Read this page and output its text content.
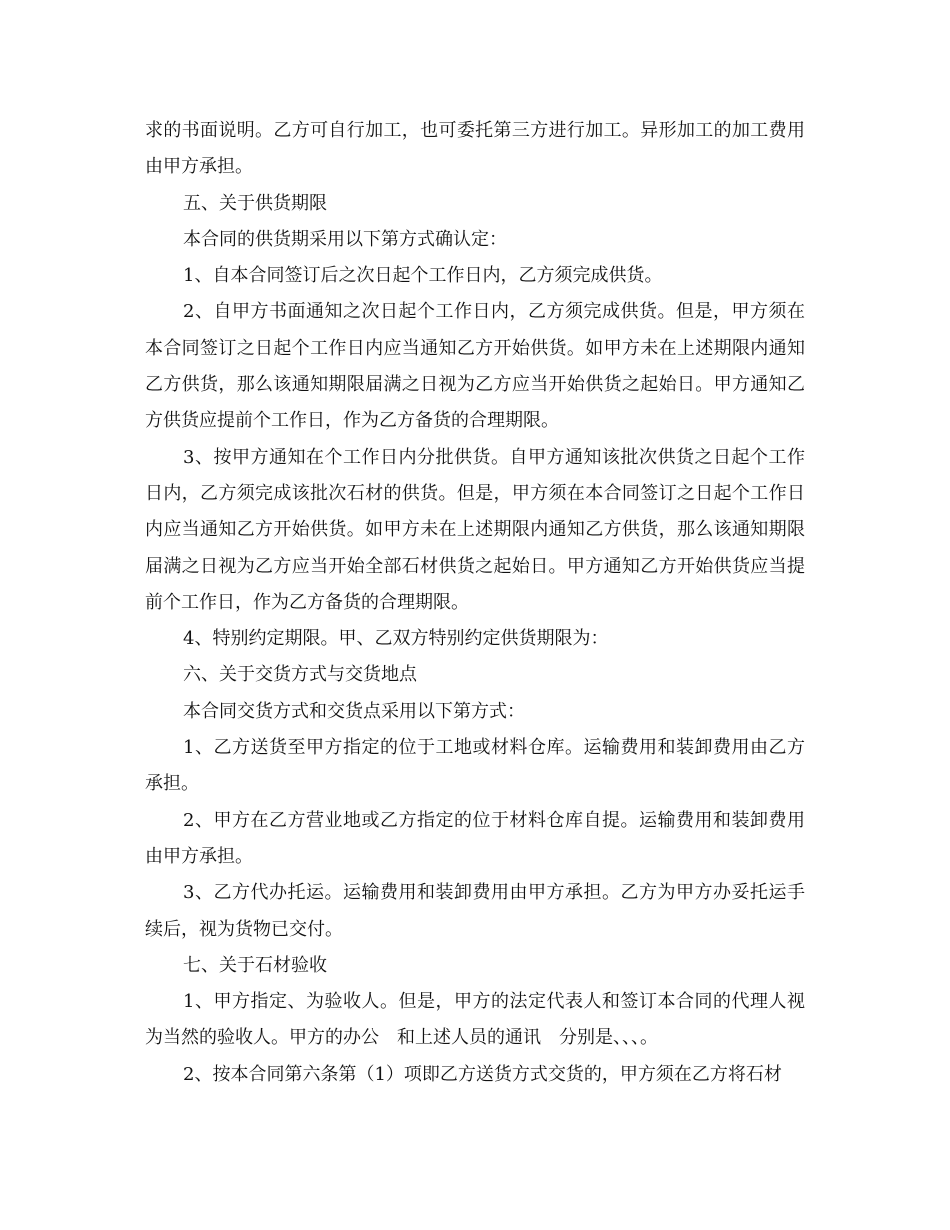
求的书面说明。乙方可自行加工，也可委托第三方进行加工。异形加工的加工费用由甲方承担。

五、关于供货期限

本合同的供货期采用以下第方式确认定：

1、自本合同签订后之次日起个工作日内，乙方须完成供货。

2、自甲方书面通知之次日起个工作日内，乙方须完成供货。但是，甲方须在本合同签订之日起个工作日内应当通知乙方开始供货。如甲方未在上述期限内通知乙方供货，那么该通知期限届满之日视为乙方应当开始供货之起始日。甲方通知乙方供货应提前个工作日，作为乙方备货的合理期限。

3、按甲方通知在个工作日内分批供货。自甲方通知该批次供货之日起个工作日内，乙方须完成该批次石材的供货。但是，甲方须在本合同签订之日起个工作日内应当通知乙方开始供货。如甲方未在上述期限内通知乙方供货，那么该通知期限届满之日视为乙方应当开始全部石材供货之起始日。甲方通知乙方开始供货应当提前个工作日，作为乙方备货的合理期限。

4、特别约定期限。甲、乙双方特别约定供货期限为：

六、关于交货方式与交货地点

本合同交货方式和交货点采用以下第方式：

1、乙方送货至甲方指定的位于工地或材料仓库。运输费用和装卸费用由乙方承担。

2、甲方在乙方营业地或乙方指定的位于材料仓库自提。运输费用和装卸费用由甲方承担。

3、乙方代办托运。运输费用和装卸费用由甲方承担。乙方为甲方办妥托运手续后，视为货物已交付。

七、关于石材验收

1、甲方指定、为验收人。但是，甲方的法定代表人和签订本合同的代理人视为当然的验收人。甲方的办公　和上述人员的通讯　分别是、、、。

2、按本合同第六条第（1）项即乙方送货方式交货的，甲方须在乙方将石材
